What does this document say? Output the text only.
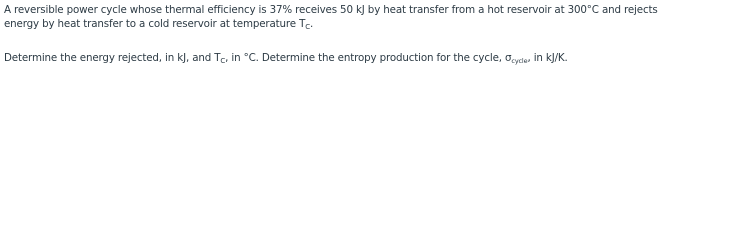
A reversible power cycle whose thermal efficiency is 37% receives 50 kJ by heat transfer from a hot reservoir at 300°C and rejects
energy by heat transfer to a cold reservoir at temperature $T_C$.

Determine the energy rejected, in kJ, and $T_C$, in °C. Determine the entropy production for the cycle, σcycle, in kJ/K.
